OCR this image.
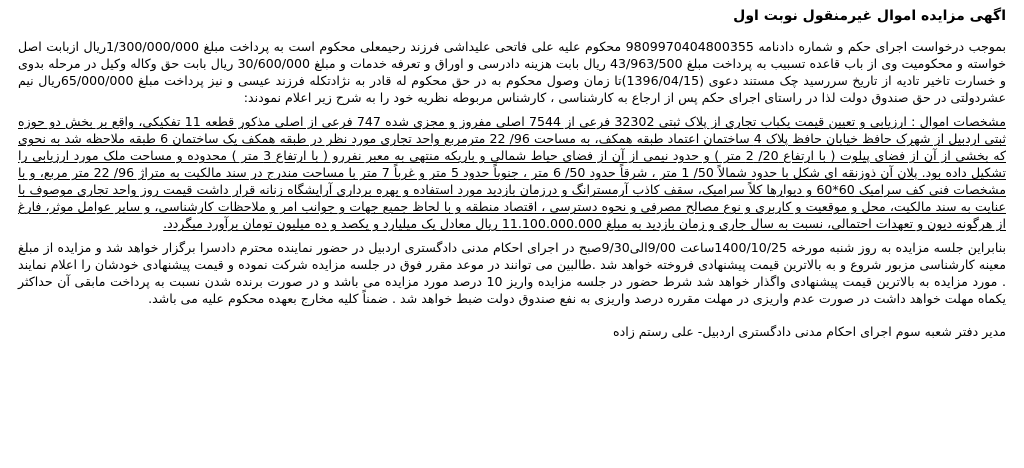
اگهی مزایده اموال غیرمنقول نوبت اول

بموجب درخواست اجرای حکم و شماره دادنامه 9809970404800355 محکوم علیه علی فاتحی علیداشی فرزند رحیمعلی محکوم است به پرداخت مبلغ 1/300/000/000ریال ازبابت اصل خواسته و محکومیت وی از باب قاعده تسبیب به پرداخت مبلغ 43/963/500 ریال بابت هزینه دادرسی و اوراق و تعرفه خدمات و مبلغ 30/600/000 ریال بابت حق وکاله وکیل در مرحله بدوی و خسارت تاخیر تادیه از تاریخ سررسید چک مستند دعوی (1396/04/15)تا زمان وصول محکوم به در حق محکوم له قادر به نژادتکله فرزند عیسی و نیز پرداخت مبلغ 65/000/000ریال نیم عشردولتی در حق صندوق دولت لذا در راستای اجرای حکم پس از ارجاع به کارشناسی ، کارشناس مربوطه نظریه خود را به شرح زیر اعلام نمودند:

مشخصات اموال : ارزیابی و تعیین قیمت یکباب تجاری از پلاک ثبتی 32302 فرعی از 7544 اصلی مفروز و مجزی شده 747 فرعی از اصلی مذکور قطعه 11 تفکیکی، واقع بر بخش دو حوزه ثبتی اردبیل از شهرک حافظ خیابان حافظ پلاک 4 ساختمان اعتماد طبقه همکف، به مساحت 96/ 22 مترمربع واحد تجاری مورد نظر در طبقه همکف یک ساختمان 6 طبقه ملاحظه شد به نحوی که بخشی از آن از فضای پیلوت ( با ارتفاع 20/ 2 متر ) و حدود نیمی از آن از فضای حیاط شمالی و باریکه منتهی به معبر نفررو ( با ارتفاع 3 متر ) محدوده و مساحت ملک مورد ارزیابی را تشکیل داده بود. پلان آن ذوزنقه ای شکل با حدود شمالاً 50/ 1 متر ، شرقاً حدود 50/ 6 متر ، جنوباً حدود 5 متر و غرباً 7 متر با مساحت مندرج در سند مالکیت به متراژ 96/ 22 متر مربع، و با مشخصات فنی کف سرامیک 60*60 و دیوارها کلاً سرامیک، سقف کاذب آرمسترانگ و درزمان بازدید مورد استفاده و بهره برداری آرایشگاه زنانه قرار داشت قیمت روز واحد تجاری موصوف با عنایت به سند مالکیت، محل و موقعیت و کاربری و نوع مصالح مصرفی و نحوه دسترسی ، اقتصاد منطقه و با لحاظ جمیع جهات و جوانب امر و ملاحظات کارشناسی، و سایر عوامل موثر، فارغ از هرگونه دیون و تعهدات احتمالی، نسبت به سال جاری و زمان بازدید به مبلغ 11.100.000.000 ریال معادل یک میلیارد و یکصد و ده میلیون تومان برآورد میگردد.

بنابراین جلسه مزایده به روز شنبه مورخه 1400/10/25ساعت 9/00الی9/30صبح در اجرای احکام مدنی دادگستری اردبیل در حضور نماینده محترم دادسرا برگزار خواهد شد و مزایده از مبلغ معینه کارشناسی مزبور شروع و به بالاترین قیمت پیشنهادی فروخته خواهد شد .طالبین می توانند در موعد مقرر فوق در جلسه مزایده شرکت نموده و قیمت پیشنهادی خودشان را اعلام نمایند . مورد مزایده به بالاترین قیمت پیشنهادی واگذار خواهد شد شرط حضور در جلسه مزایده واریز 10 درصد مورد مزایده می باشد و در صورت برنده شدن نسبت به پرداخت مابقی آن حداکثر یکماه مهلت خواهد داشت در صورت عدم واریزی در مهلت مقرره درصد واریزی به نفع صندوق دولت ضبط خواهد شد . ضمناً کلیه مخارج بعهده محکوم علیه می باشد.

مدیر دفتر شعبه سوم اجرای احکام مدنی دادگستری اردبیل- علی رستم زاده
